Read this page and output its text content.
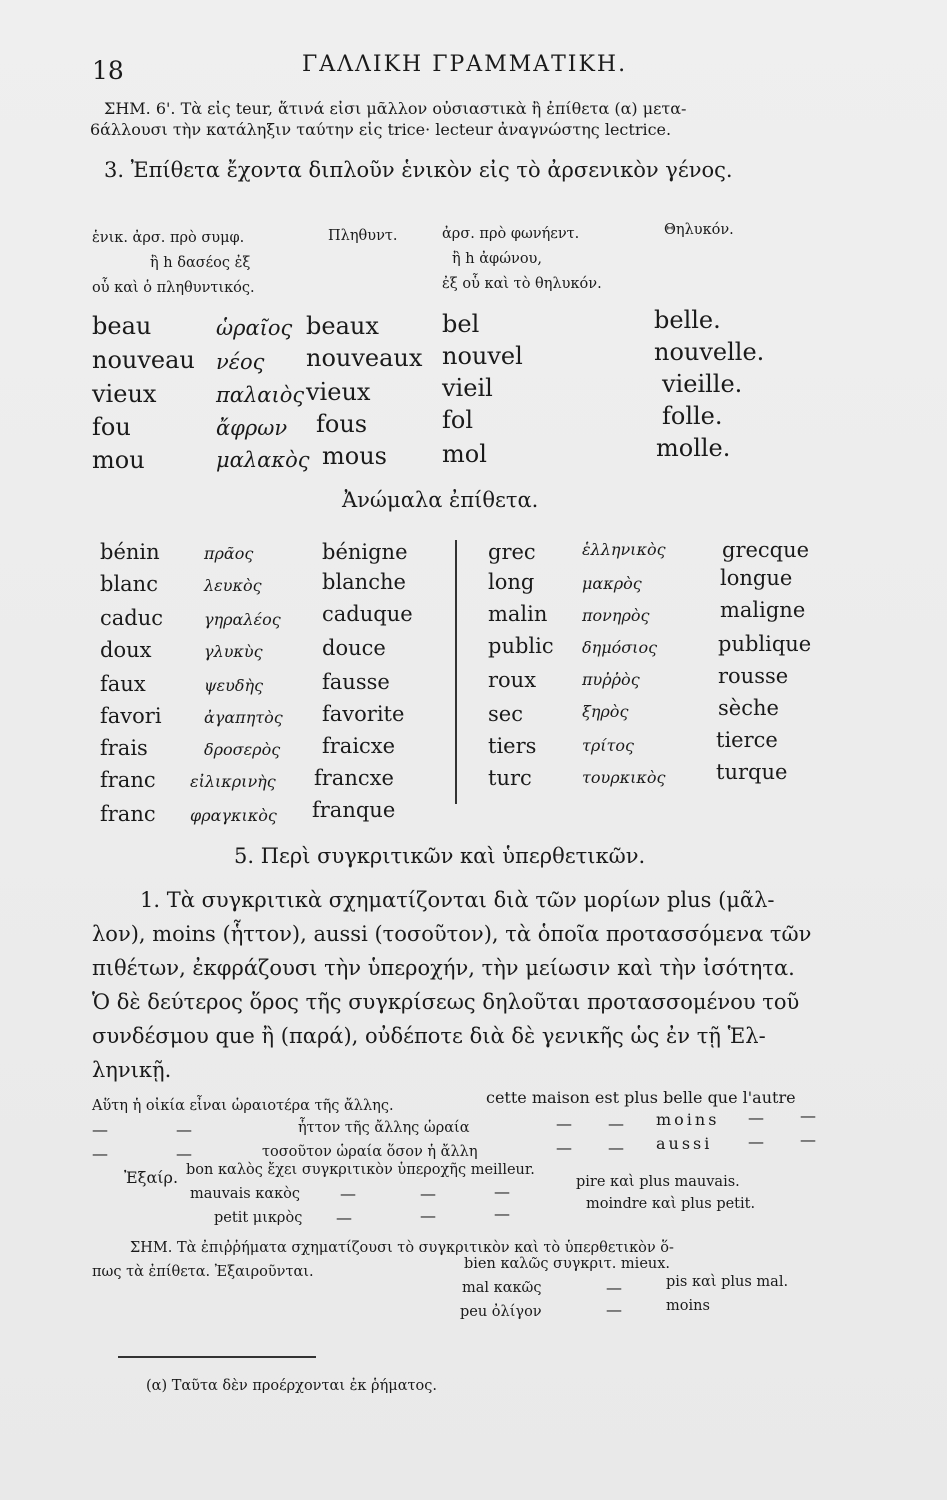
18	ΓΑΛΛΙΚΗ ΓΡΑΜΜΑΤΙΚΗ.
ΣΗΜ. 6'. Τὰ εἰς teur, ἅτινά εἰσι μᾶλλον οὐσιαστικὰ ἢ ἐπίθετα (α) μετα-
6άλλουσι τὴν κατάληξιν ταύτην εἰς trice· lecteur ἀναγνώστης lectrice.
3. Ἐπίθετα ἔχοντα διπλοῦν ἑνικὸν εἰς τὸ ἀρσενικὸν γένος.
ἑνικ. ἀρσ. πρὸ συμφ.	Πληθυντ.	ἀρσ. πρὸ φωνήεντ.	Θηλυκόν.
ἢ h δασέος ἐξ
οὗ καὶ ὁ πληθυντικός.
ἢ h ἀφώνου,
ἐξ οὗ καὶ τὸ θηλυκόν.
beau	ὡραῖος beaux	bel	belle.
nouveau νέος nouveaux nouvel	nouvelle.
vieux	παλαιὸς vieux	vieil	vieille.
fou	ἄφρων fous	fol	folle.
mou	μαλακὸς mous mol	molle.
Ἀνώμαλα ἐπίθετα.
bénin	πρᾶος	bénigne
blanc	λευκὸς	blanche
caduc	γηραλέος caduque
doux	γλυκὺς	douce
faux	ψευδὴς	fausse
favori	ἀγαπητὸς favorite
frais	δροσερὸς fraicxe
franc εἰλικρινὴς francxe
franc φραγκικὸς franque
grec	ἑλληνικὸς	grecque
long	μακρὸς	longue
malin πονηρὸς	maligne
public δημόσιος	publique
roux	πυῤῥὸς	rousse
sec	ξηρὸς	sèche
tiers	τρίτος	tierce
turc	τουρκικὸς turque
5. Περὶ συγκριτικῶν καὶ ὑπερθετικῶν.
1. Τὰ συγκριτικὰ σχηματίζονται διὰ τῶν μορίων plus (μᾶλ-
λον), moins (ἧττον), aussi (τοσοῦτον), τὰ ὁποῖα προτασσόμενα τῶν
πιθέτων, ἐκφράζουσι τὴν ὑπεροχήν, τὴν μείωσιν καὶ τὴν ἰσότητα.
Ὁ δὲ δεύτερος ὅρος τῆς συγκρίσεως δηλοῦται προτασσομένου τοῦ
συνδέσμου que ἢ (παρά), οὐδέποτε διὰ δὲ γενικῆς ὡς ἐν τῇ Ἑλ-
ληνικῇ.
Αὕτη ἡ οἰκία εἶναι ὡραιοτέρα τῆς ἄλλης.	cette maison est plus belle que l'autre
—	—	ἧττον τῆς ἄλλης ὡραία	— — moins — —
—	—	τοσοῦτον ὡραία ὅσον ἡ ἄλλη	— — aussi — —
Ἐξαίρ. bon καλὸς ἔχει συγκριτικὸν ὑπεροχῆς meilleur.
mauvais κακὸς —	—	—	pire καὶ plus mauvais.
petit μικρὸς —	—	—	moindre καὶ plus petit.
ΣΗΜ. Τὰ ἐπιῤῥήματα σχηματίζουσι τὸ συγκριτικὸν καὶ τὸ ὑπερθετικὸν ὅ-
πως τὰ ἐπίθετα. Ἐξαιροῦνται.	bien καλῶς συγκριτ. mieux.
mal κακῶς	—	pis καὶ plus mal.
peu ὀλίγον	—	moins
(α) Ταῦτα δὲν προέρχονται ἐκ ῥήματος.
